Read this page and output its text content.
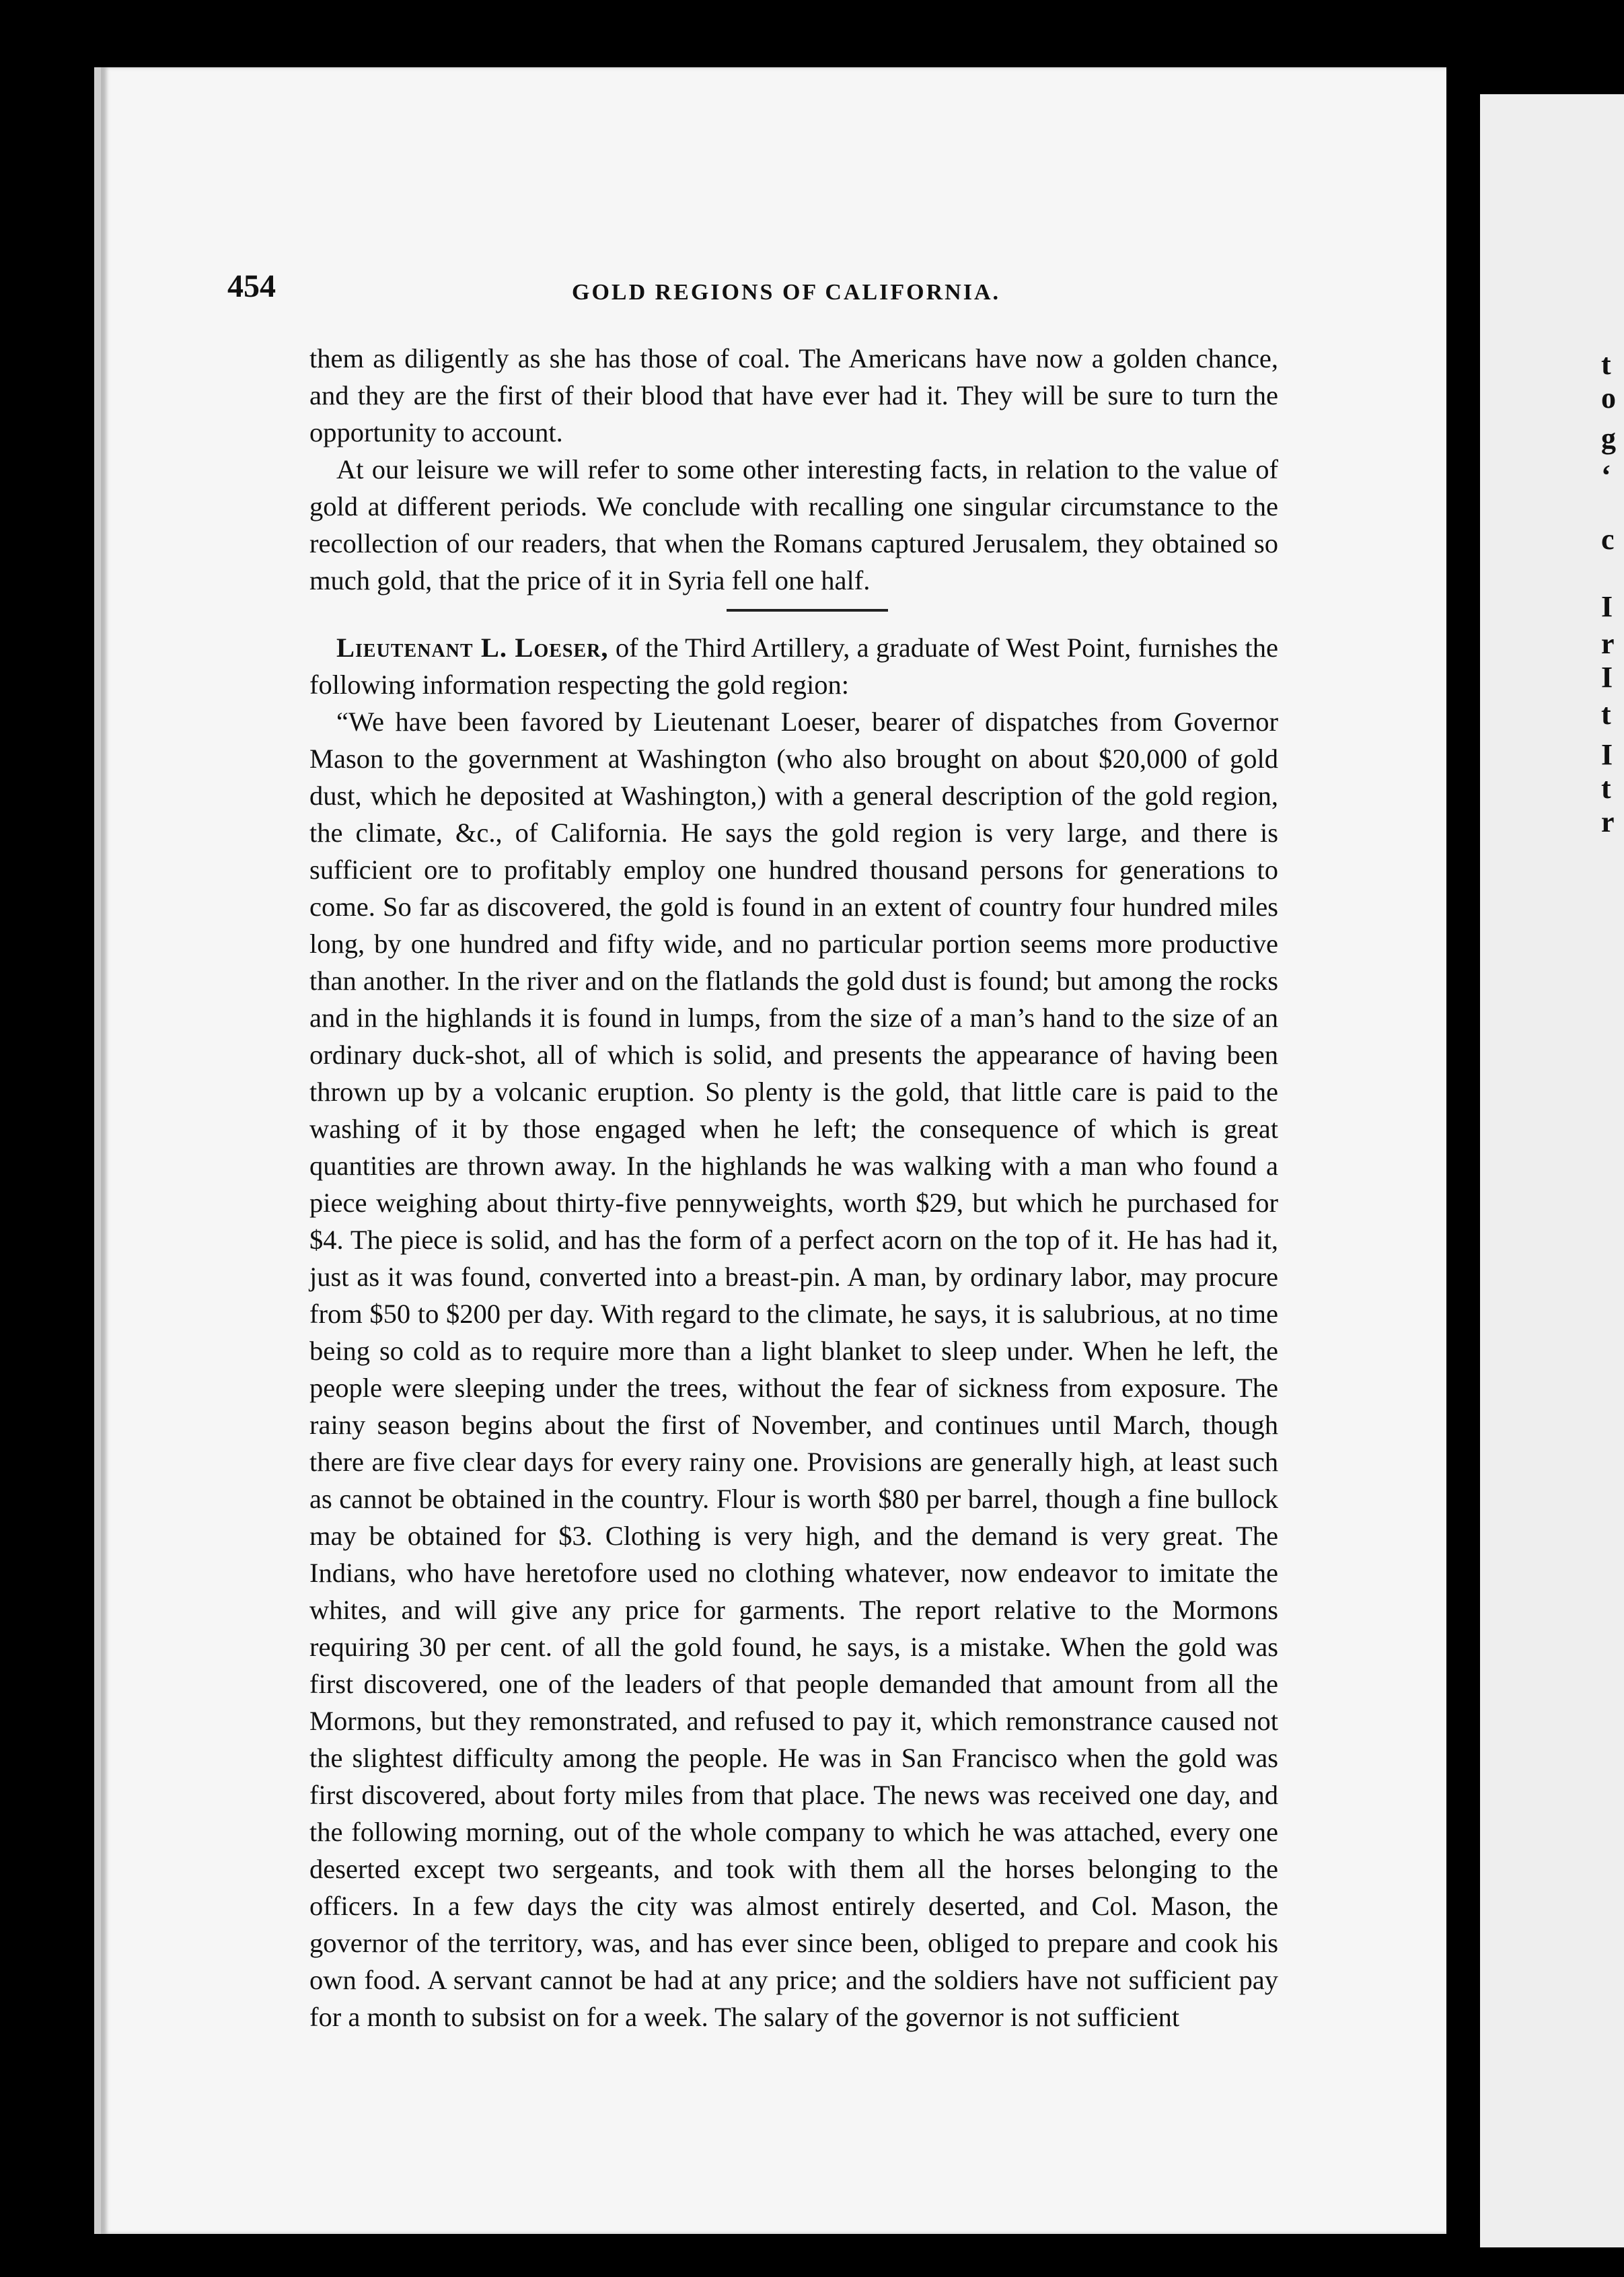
t
o
g
‘
c
I
r
I
t
I
t
r
454	GOLD REGIONS OF CALIFORNIA.

them as diligently as she has those of coal. The Americans have now a golden chance, and they are the first of their blood that have ever had it. They will be sure to turn the opportunity to account.

At our leisure we will refer to some other interesting facts, in relation to the value of gold at different periods. We conclude with recalling one singular circumstance to the recollection of our readers, that when the Romans captured Jerusalem, they obtained so much gold, that the price of it in Syria fell one half.

Lieutenant L. Loeser, of the Third Artillery, a graduate of West Point, furnishes the following information respecting the gold region:

“We have been favored by Lieutenant Loeser, bearer of dispatches from Governor Mason to the government at Washington (who also brought on about $20,000 of gold dust, which he deposited at Washington,) with a general description of the gold region, the climate, &c., of California. He says the gold region is very large, and there is sufficient ore to profitably employ one hundred thousand persons for generations to come. So far as discovered, the gold is found in an extent of country four hundred miles long, by one hundred and fifty wide, and no particular portion seems more productive than another. In the river and on the flatlands the gold dust is found; but among the rocks and in the highlands it is found in lumps, from the size of a man’s hand to the size of an ordinary duck-shot, all of which is solid, and presents the appearance of having been thrown up by a volcanic eruption. So plenty is the gold, that little care is paid to the washing of it by those engaged when he left; the consequence of which is great quantities are thrown away. In the highlands he was walking with a man who found a piece weighing about thirty-five pennyweights, worth $29, but which he purchased for $4. The piece is solid, and has the form of a perfect acorn on the top of it. He has had it, just as it was found, converted into a breast-pin. A man, by ordinary labor, may procure from $50 to $200 per day. With regard to the climate, he says, it is salubrious, at no time being so cold as to require more than a light blanket to sleep under. When he left, the people were sleeping under the trees, without the fear of sickness from exposure. The rainy season begins about the first of November, and continues until March, though there are five clear days for every rainy one. Provisions are generally high, at least such as cannot be obtained in the country. Flour is worth $80 per barrel, though a fine bullock may be obtained for $3. Clothing is very high, and the demand is very great. The Indians, who have heretofore used no clothing whatever, now endeavor to imitate the whites, and will give any price for garments. The report relative to the Mormons requiring 30 per cent. of all the gold found, he says, is a mistake. When the gold was first discovered, one of the leaders of that people demanded that amount from all the Mormons, but they remonstrated, and refused to pay it, which remonstrance caused not the slightest difficulty among the people. He was in San Francisco when the gold was first discovered, about forty miles from that place. The news was received one day, and the following morning, out of the whole company to which he was attached, every one deserted except two sergeants, and took with them all the horses belonging to the officers. In a few days the city was almost entirely deserted, and Col. Mason, the governor of the territory, was, and has ever since been, obliged to prepare and cook his own food. A servant cannot be had at any price; and the soldiers have not sufficient pay for a month to subsist on for a week. The salary of the governor is not sufficient
